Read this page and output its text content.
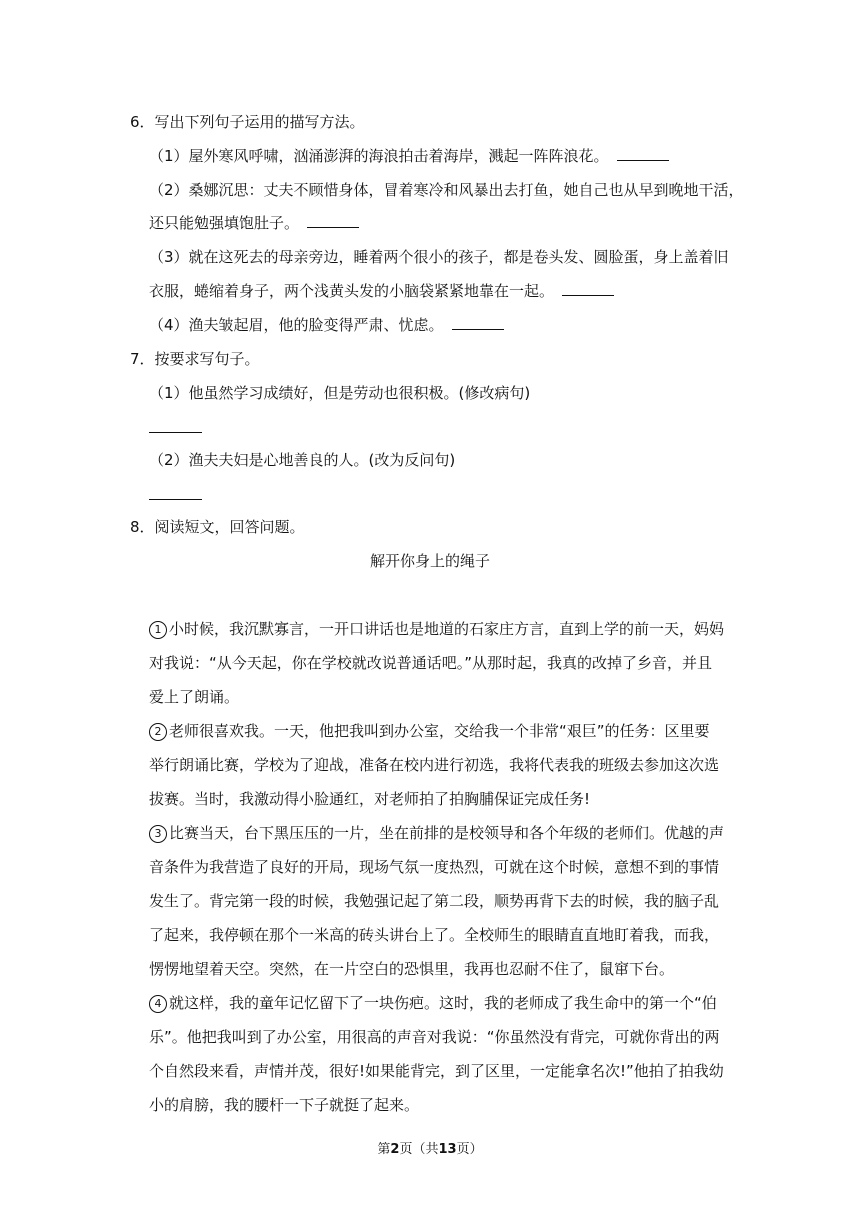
6．写出下列句子运用的描写方法。
（1）屋外寒风呼啸，汹涌澎湃的海浪拍击着海岸，溅起一阵阵浪花。
（2）桑娜沉思：丈夫不顾惜身体，冒着寒冷和风暴出去打鱼，她自己也从早到晚地干活，
还只能勉强填饱肚子。
（3）就在这死去的母亲旁边，睡着两个很小的孩子，都是卷头发、圆脸蛋，身上盖着旧
衣服，蜷缩着身子，两个浅黄头发的小脑袋紧紧地靠在一起。
（4）渔夫皱起眉，他的脸变得严肃、忧虑。
7．按要求写句子。
（1）他虽然学习成绩好，但是劳动也很积极。(修改病句)
（2）渔夫夫妇是心地善良的人。(改为反问句)
8．阅读短文，回答问题。
解开你身上的绳子
1 小时候，我沉默寡言，一开口讲话也是地道的石家庄方言，直到上学的前一天，妈妈
对我说：“从今天起，你在学校就改说普通话吧。”从那时起，我真的改掉了乡音，并且
爱上了朗诵。
2 老师很喜欢我。一天，他把我叫到办公室，交给我一个非常“艰巨”的任务：区里要
举行朗诵比赛，学校为了迎战，准备在校内进行初选，我将代表我的班级去参加这次选
拔赛。当时，我激动得小脸通红，对老师拍了拍胸脯保证完成任务!
3 比赛当天，台下黑压压的一片，坐在前排的是校领导和各个年级的老师们。优越的声
音条件为我营造了良好的开局，现场气氛一度热烈，可就在这个时候，意想不到的事情
发生了。背完第一段的时候，我勉强记起了第二段，顺势再背下去的时候，我的脑子乱
了起来，我停顿在那个一米高的砖头讲台上了。全校师生的眼睛直直地盯着我，而我，
愣愣地望着天空。突然，在一片空白的恐惧里，我再也忍耐不住了，鼠窜下台。
4 就这样，我的童年记忆留下了一块伤疤。这时，我的老师成了我生命中的第一个“伯
乐”。他把我叫到了办公室，用很高的声音对我说：“你虽然没有背完，可就你背出的两
个自然段来看，声情并茂，很好!如果能背完，到了区里，一定能拿名次!”他拍了拍我幼
小的肩膀，我的腰杆一下子就挺了起来。
第2页（共13页）
